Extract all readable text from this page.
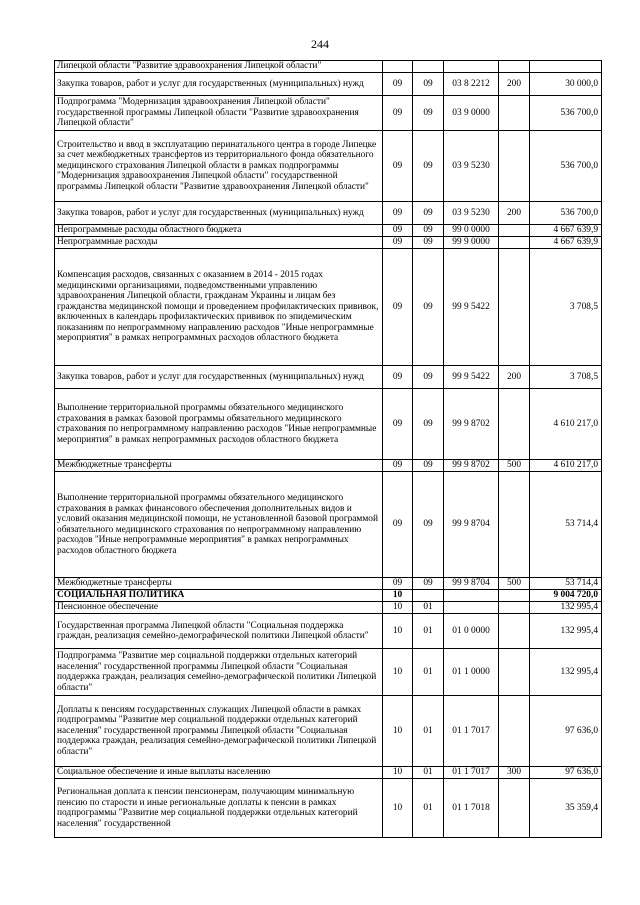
244
Липецкой области "Развитие здравоохранения Липецкой области"					
Закупка товаров, работ и услуг для государственных (муниципальных) нужд	09	09	03 8 2212	200	30 000,0
Подпрограмма "Модернизация здравоохранения Липецкой области" государственной программы Липецкой области "Развитие здравоохранения Липецкой области"	09	09	03 9 0000		536 700,0
Строительство и ввод в эксплуатацию перинатального центра в городе Липецке за счет межбюджетных трансфертов из территориального фонда обязательного медицинского страхования Липецкой области в рамках подпрограммы "Модернизация здравоохранения Липецкой области" государственной программы Липецкой области "Развитие здравоохранения Липецкой области"	09	09	03 9 5230		536 700,0
Закупка товаров, работ и услуг для государственных (муниципальных) нужд	09	09	03 9 5230	200	536 700,0
Непрограммные расходы областного бюджета	09	09	99 0 0000		4 667 639,9
Непрограммные расходы	09	09	99 9 0000		4 667 639,9
Компенсация расходов, связанных с оказанием в 2014 - 2015 годах медицинскими организациями, подведомственными управлению здравоохранения Липецкой области, гражданам Украины и лицам без гражданства медицинской помощи и проведением профилактических прививок, включенных в календарь профилактических прививок по эпидемическим показаниям по непрограммному направлению расходов "Иные непрограммные мероприятия" в рамках непрограммных расходов областного бюджета	09	09	99 9 5422		3 708,5
Закупка товаров, работ и услуг для государственных (муниципальных) нужд	09	09	99 9 5422	200	3 708,5
Выполнение территориальной программы обязательного медицинского страхования в рамках базовой программы обязательного медицинского страхования по непрограммному направлению расходов "Иные непрограммные мероприятия" в рамках непрограммных расходов областного бюджета	09	09	99 9 8702		4 610 217,0
Межбюджетные трансферты	09	09	99 9 8702	500	4 610 217,0
Выполнение территориальной программы обязательного медицинского страхования в рамках финансового обеспечения дополнительных видов и условий оказания медицинской помощи, не установленной базовой программой обязательного медицинского страхования по непрограммному направлению расходов "Иные непрограммные мероприятия" в рамках непрограммных расходов областного бюджета	09	09	99 9 8704		53 714,4
Межбюджетные трансферты	09	09	99 9 8704	500	53 714,4
СОЦИАЛЬНАЯ ПОЛИТИКА	10				9 004 720,0
Пенсионное обеспечение	10	01			132 995,4
Государственная программа Липецкой области "Социальная поддержка граждан, реализация семейно-демографической политики Липецкой области"	10	01	01 0 0000		132 995,4
Подпрограмма "Развитие мер социальной поддержки отдельных категорий населения" государственной программы Липецкой области "Социальная поддержка граждан, реализация семейно-демографической политики Липецкой области"	10	01	01 1 0000		132 995,4
Доплаты к пенсиям государственных служащих Липецкой области в рамках подпрограммы "Развитие мер социальной поддержки отдельных категорий населения" государственной программы Липецкой области "Социальная поддержка граждан, реализация семейно-демографической политики Липецкой области"	10	01	01 1 7017		97 636,0
Социальное обеспечение и иные выплаты населению	10	01	01 1 7017	300	97 636,0
Региональная доплата к пенсии пенсионерам, получающим минимальную пенсию по старости и иные региональные доплаты к пенсии в рамках подпрограммы "Развитие мер социальной поддержки отдельных категорий населения" государственной	10	01	01 1 7018		35 359,4
